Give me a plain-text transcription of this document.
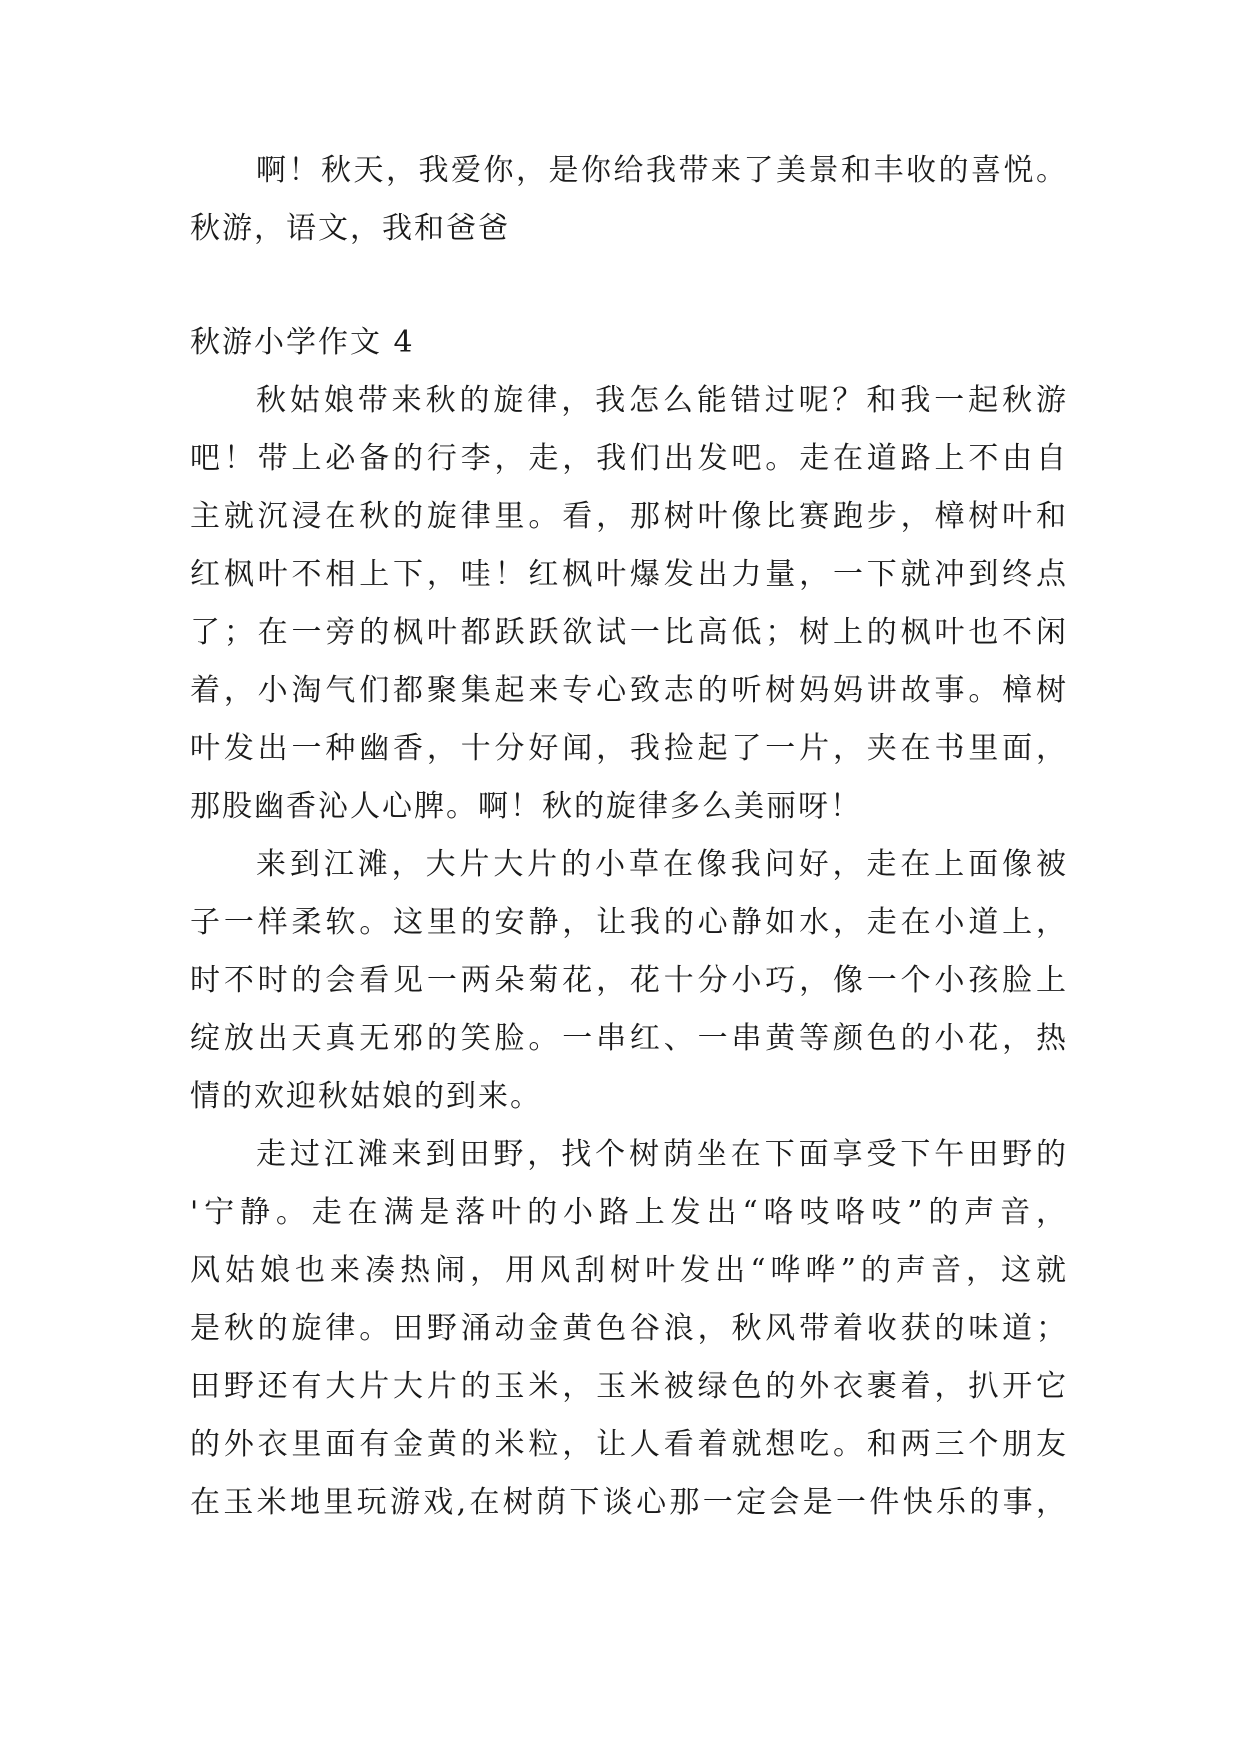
啊！秋天，我爱你，是你给我带来了美景和丰收的喜悦。
秋游，语文，我和爸爸
秋游小学作文 4
秋姑娘带来秋的旋律，我怎么能错过呢？和我一起秋游
吧！带上必备的行李，走，我们出发吧。走在道路上不由自
主就沉浸在秋的旋律里。看，那树叶像比赛跑步，樟树叶和
红枫叶不相上下，哇！红枫叶爆发出力量，一下就冲到终点
了；在一旁的枫叶都跃跃欲试一比高低；树上的枫叶也不闲
着，小淘气们都聚集起来专心致志的听树妈妈讲故事。樟树
叶发出一种幽香，十分好闻，我捡起了一片，夹在书里面，
那股幽香沁人心脾。啊！秋的旋律多么美丽呀！
来到江滩，大片大片的小草在像我问好，走在上面像被
子一样柔软。这里的安静，让我的心静如水，走在小道上，
时不时的会看见一两朵菊花，花十分小巧，像一个小孩脸上
绽放出天真无邪的笑脸。一串红、一串黄等颜色的小花，热
情的欢迎秋姑娘的到来。
走过江滩来到田野，找个树荫坐在下面享受下午田野的
'宁静。走在满是落叶的小路上发出“咯吱咯吱”的声音，
风姑娘也来凑热闹，用风刮树叶发出“哗哗”的声音，这就
是秋的旋律。田野涌动金黄色谷浪，秋风带着收获的味道；
田野还有大片大片的玉米，玉米被绿色的外衣裹着，扒开它
的外衣里面有金黄的米粒，让人看着就想吃。和两三个朋友
在玉米地里玩游戏,在树荫下谈心那一定会是一件快乐的事，
